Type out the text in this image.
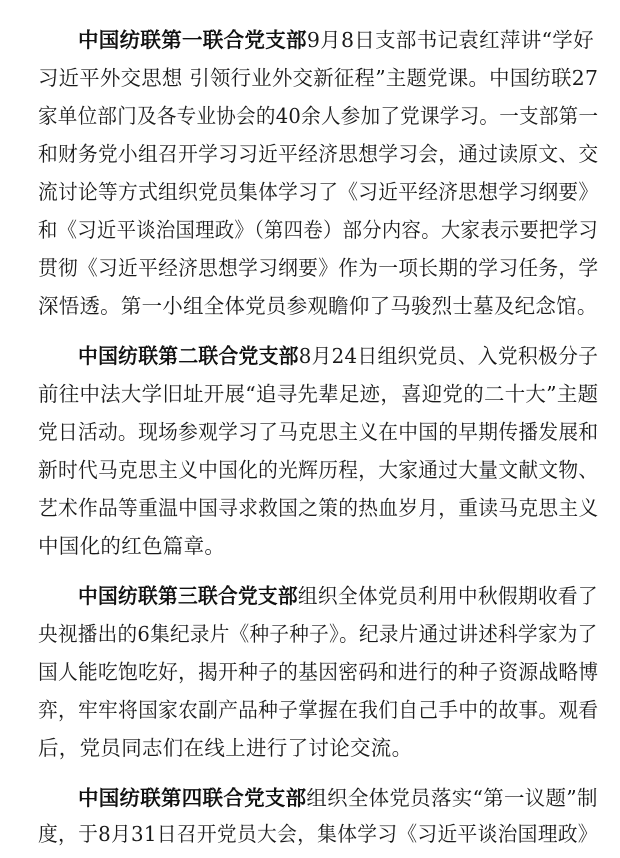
中国纺联第一联合党支部9月8日支部书记袁红萍讲“学好
习近平外交思想 引领行业外交新征程”主题党课。中国纺联27
家单位部门及各专业协会的40余人参加了党课学习。一支部第一
和财务党小组召开学习习近平经济思想学习会，通过读原文、交
流讨论等方式组织党员集体学习了《习近平经济思想学习纲要》
和《习近平谈治国理政》（第四卷）部分内容。大家表示要把学习
贯彻《习近平经济思想学习纲要》作为一项长期的学习任务，学
深悟透。第一小组全体党员参观瞻仰了马骏烈士墓及纪念馆。
中国纺联第二联合党支部8月24日组织党员、入党积极分子
前往中法大学旧址开展“追寻先辈足迹，喜迎党的二十大”主题
党日活动。现场参观学习了马克思主义在中国的早期传播发展和
新时代马克思主义中国化的光辉历程，大家通过大量文献文物、
艺术作品等重温中国寻求救国之策的热血岁月，重读马克思主义
中国化的红色篇章。
中国纺联第三联合党支部组织全体党员利用中秋假期收看了
央视播出的6集纪录片《种子种子》。纪录片通过讲述科学家为了
国人能吃饱吃好，揭开种子的基因密码和进行的种子资源战略博
弈，牢牢将国家农副产品种子掌握在我们自己手中的故事。观看
后，党员同志们在线上进行了讨论交流。
中国纺联第四联合党支部组织全体党员落实“第一议题”制
度，于8月31日召开党员大会，集体学习《习近平谈治国理政》
